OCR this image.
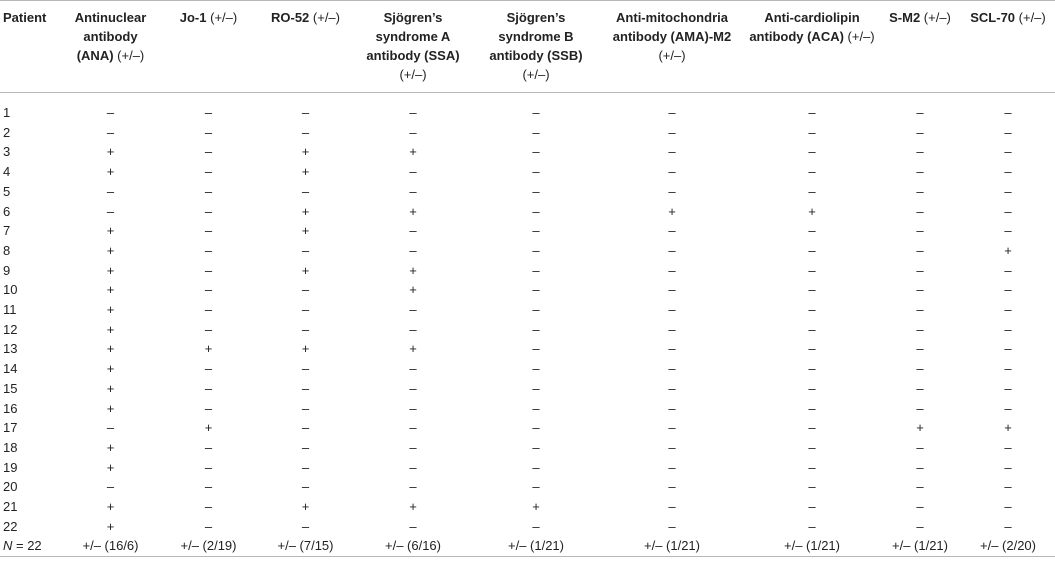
Patient	Antinuclear antibody (ANA) (+/–)	Jo-1 (+/–)	RO-52 (+/–)	Sjögren’s syndrome A antibody (SSA) (+/–)	Sjögren’s syndrome B antibody (SSB) (+/–)	Anti-mitochondria antibody (AMA)-M2 (+/–)	Anti-cardiolipin antibody (ACA) (+/–)	S-M2 (+/–)	SCL-70 (+/–)

1	–	–	–	–	–	–	–	–	–
2	–	–	–	–	–	–	–	–	–
3	+	–	+	+	–	–	–	–	–
4	+	–	+	–	–	–	–	–	–
5	–	–	–	–	–	–	–	–	–
6	–	–	+	+	–	+	+	–	–
7	+	–	+	–	–	–	–	–	–
8	+	–	–	–	–	–	–	–	+
9	+	–	+	+	–	–	–	–	–
10	+	–	–	+	–	–	–	–	–
11	+	–	–	–	–	–	–	–	–
12	+	–	–	–	–	–	–	–	–
13	+	+	+	+	–	–	–	–	–
14	+	–	–	–	–	–	–	–	–
15	+	–	–	–	–	–	–	–	–
16	+	–	–	–	–	–	–	–	–
17	–	+	–	–	–	–	–	+	+
18	+	–	–	–	–	–	–	–	–
19	+	–	–	–	–	–	–	–	–
20	–	–	–	–	–	–	–	–	–
21	+	–	+	+	+	–	–	–	–
22	+	–	–	–	–	–	–	–	–
N = 22	+/– (16/6)	+/– (2/19)	+/– (7/15)	+/– (6/16)	+/– (1/21)	+/– (1/21)	+/– (1/21)	+/– (1/21)	+/– (2/20)
